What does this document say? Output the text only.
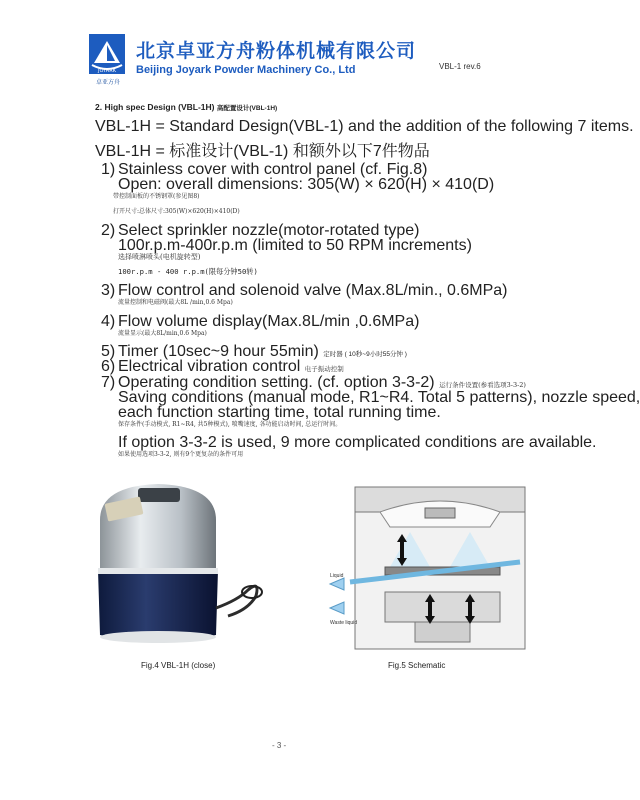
JOYARK
卓亚方舟
北京卓亚方舟粉体机械有限公司
Beijing Joyark Powder Machinery Co., Ltd	VBL-1 rev.6
2. High spec Design (VBL-1H) 高配置设计(VBL-1H)
VBL-1H = Standard Design(VBL-1) and the addition of the following 7 items.
VBL-1H = 标准设计(VBL-1) 和额外以下7件物品
1) Stainless cover with control panel (cf. Fig.8)
Open: overall dimensions: 305(W) × 620(H) × 410(D)
带控制面板的不锈钢罩(参见图8)
打开尺寸:总体尺寸:305(W)×620(H)×410(D)
2) Select sprinkler nozzle(motor-rotated type)
100r.p.m-400r.p.m (limited to 50 RPM increments)
选择喷淋喷头(电机旋转型)
100r.p.m - 400 r.p.m(限每分钟50转)
3) Flow control and solenoid valve (Max.8L/min., 0.6MPa)
流量控制和电磁阀(最大8L /min,0.6 Mpa)
4) Flow volume display(Max.8L/min ,0.6MPa)
流量显示(最大8L/min,0.6 Mpa)
5) Timer (10sec~9 hour 55min) 定时器 ( 10秒~9小时55分钟 )
6) Electrical vibration control 电子振动控制
7) Operating condition setting. (cf. option 3-3-2) 运行条件设置(参看选项3-3-2)
Saving conditions (manual mode, R1~R4. Total 5 patterns), nozzle speed,
each function starting time, total running time.
保存条件(手动模式, R1~R4, 共5种模式), 喷嘴速度, 各功能启动时间, 总运行时间。
If option 3-3-2 is used, 9 more complicated conditions are available.
如果使用选项3-3-2, 则有9个更复杂的条件可用
Fig.4 VBL-1H (close)
Liquid
Waste liquid
Fig.5 Schematic
- 3 -
